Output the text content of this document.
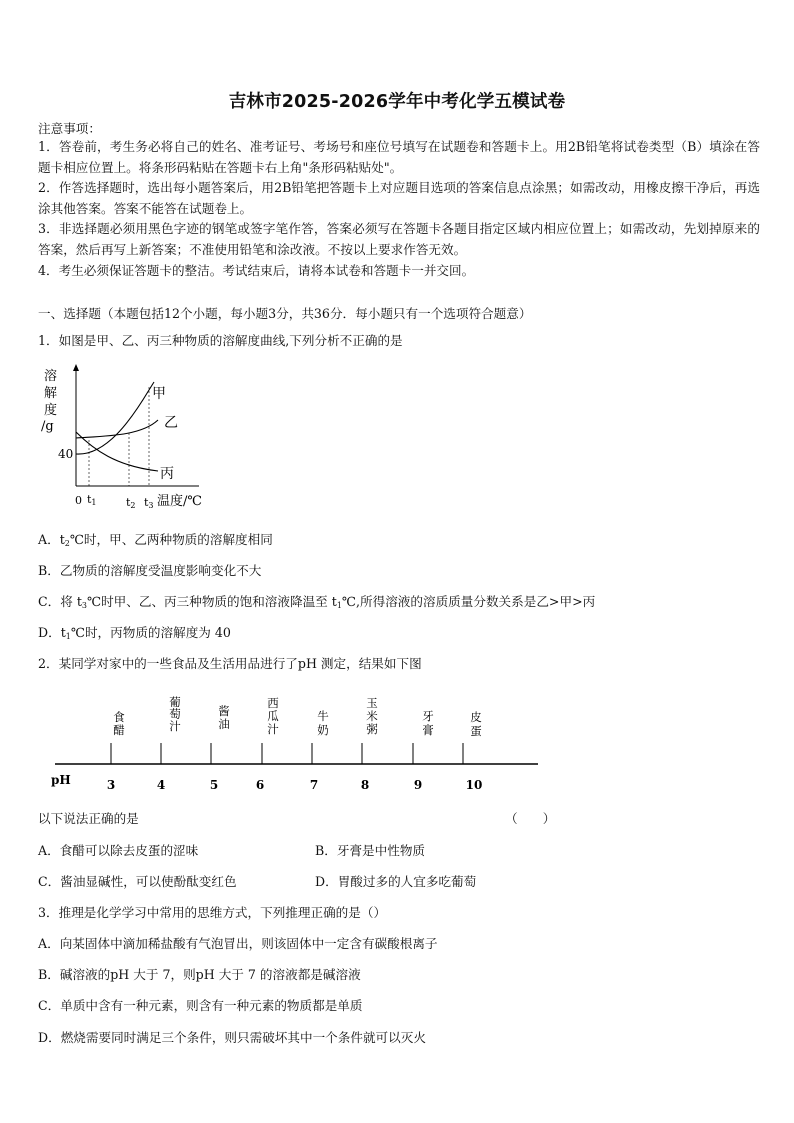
吉林市2025-2026学年中考化学五模试卷
注意事项：

1．答卷前，考生务必将自己的姓名、准考证号、考场号和座位号填写在试题卷和答题卡上。用2B铅笔将试卷类型（B）填涂在答题卡相应位置上。将条形码粘贴在答题卡右上角"条形码粘贴处"。

2．作答选择题时，选出每小题答案后，用2B铅笔把答题卡上对应题目选项的答案信息点涂黑；如需改动，用橡皮擦干净后，再选涂其他答案。答案不能答在试题卷上。

3．非选择题必须用黑色字迹的钢笔或签字笔作答，答案必须写在答题卡各题目指定区域内相应位置上；如需改动，先划掉原来的答案，然后再写上新答案；不准使用铅笔和涂改液。不按以上要求作答无效。

4．考生必须保证答题卡的整洁。考试结束后，请将本试卷和答题卡一并交回。

一、选择题（本题包括12个小题，每小题3分，共36分．每小题只有一个选项符合题意）
1．如图是甲、乙、丙三种物质的溶解度曲线,下列分析不正确的是
溶
解
度
/g
40
0 t1	t2 t3 温度/℃
甲
乙
丙
A．$t_2℃$时，甲、乙两种物质的溶解度相同
B．乙物质的溶解度受温度影响变化不大
C．将 $t_3℃$时甲、乙、丙三种物质的饱和溶液降温至 $t_1℃$,所得溶液的溶质质量分数关系是乙>甲>丙
D．$t_1℃$时，丙物质的溶解度为 40
2．某同学对家中的一些食品及生活用品进行了pH 测定，结果如下图
食
醋
葡
萄
汁
酱
油
西
瓜
汁
牛
奶
玉
米
粥
牙
膏
皮
蛋
pH	3	4	5	6	7	8	9	10
以下说法正确的是	（　　）
A．食醋可以除去皮蛋的涩味	B．牙膏是中性物质
C．酱油显碱性，可以使酚酞变红色	D．胃酸过多的人宜多吃葡萄
3．推理是化学学习中常用的思维方式，下列推理正确的是（）
A．向某固体中滴加稀盐酸有气泡冒出，则该固体中一定含有碳酸根离子
B．碱溶液的pH 大于 7，则pH 大于 7 的溶液都是碱溶液
C．单质中含有一种元素，则含有一种元素的物质都是单质
D．燃烧需要同时满足三个条件，则只需破坏其中一个条件就可以灭火
